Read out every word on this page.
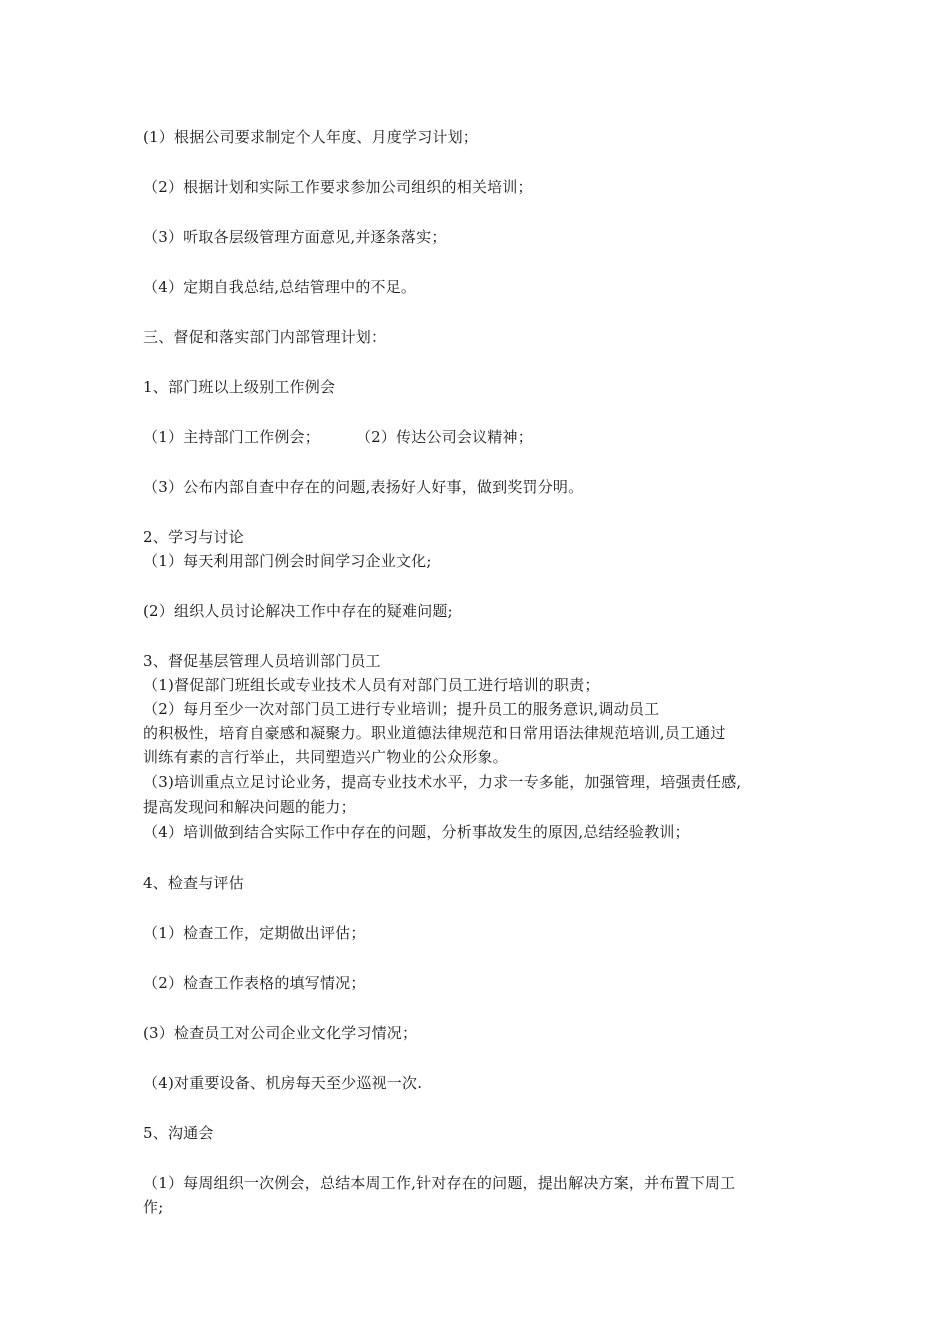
(1）根据公司要求制定个人年度、月度学习计划；
（2）根据计划和实际工作要求参加公司组织的相关培训；
（3）听取各层级管理方面意见,并逐条落实；
（4）定期自我总结,总结管理中的不足。
三、督促和落实部门内部管理计划：
1、部门班以上级别工作例会
（1）主持部门工作例会； （2）传达公司会议精神；
（3）公布内部自查中存在的问题,表扬好人好事，做到奖罚分明。
2、学习与讨论
（1）每天利用部门例会时间学习企业文化;
(2）组织人员讨论解决工作中存在的疑难问题;
3、督促基层管理人员培训部门员工
（1)督促部门班组长或专业技术人员有对部门员工进行培训的职责；
（2）每月至少一次对部门员工进行专业培训；提升员工的服务意识,调动员工
的积极性，培育自豪感和凝聚力。职业道德法律规范和日常用语法律规范培训,员工通过
训练有素的言行举止，共同塑造兴广物业的公众形象。
（3)培训重点立足讨论业务，提高专业技术水平，力求一专多能，加强管理，培强责任感,
提高发现问和解决问题的能力；
（4）培训做到结合实际工作中存在的问题，分析事故发生的原因,总结经验教训；
4、检查与评估
（1）检查工作，定期做出评估；
（2）检查工作表格的填写情况；
(3）检查员工对公司企业文化学习情况；
（4)对重要设备、机房每天至少巡视一次.
5、沟通会
（1）每周组织一次例会，总结本周工作,针对存在的问题，提出解决方案，并布置下周工
作;
